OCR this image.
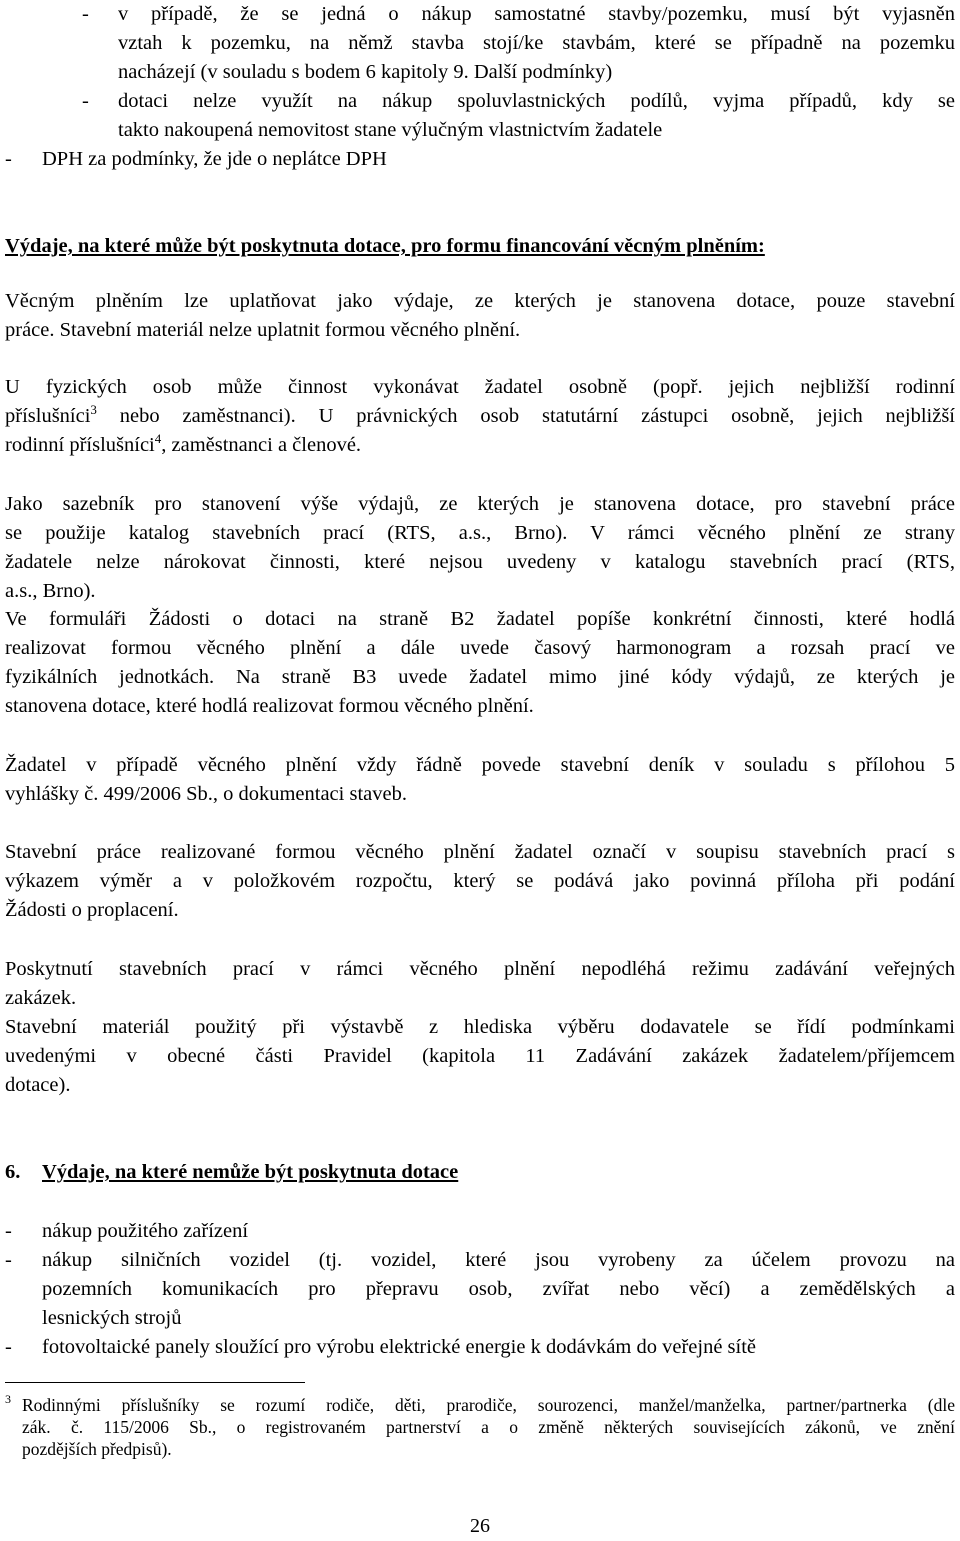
- v případě, že se jedná o nákup samostatné stavby/pozemku, musí být vyjasněn
vztah k pozemku, na němž stavba stojí/ke stavbám, které se případně na pozemku
nacházejí (v souladu s bodem 6 kapitoly 9. Další podmínky)
- dotaci nelze využít na nákup spoluvlastnických podílů, vyjma případů, kdy se
takto nakoupená nemovitost stane výlučným vlastnictvím žadatele
- DPH za podmínky, že jde o neplátce DPH
Výdaje, na které může být poskytnuta dotace, pro formu financování věcným plněním:
Věcným plněním lze uplatňovat jako výdaje, ze kterých je stanovena dotace, pouze stavební
práce. Stavební materiál nelze uplatnit formou věcného plnění.
U fyzických osob může činnost vykonávat žadatel osobně (popř. jejich nejbližší rodinní
příslušníci$^3$ nebo zaměstnanci). U právnických osob statutární zástupci osobně, jejich nejbližší
rodinní příslušníci$^4$, zaměstnanci a členové.
Jako sazebník pro stanovení výše výdajů, ze kterých je stanovena dotace, pro stavební práce
se použije katalog stavebních prací (RTS, a.s., Brno). V rámci věcného plnění ze strany
žadatele nelze nárokovat činnosti, které nejsou uvedeny v katalogu stavebních prací (RTS,
a.s., Brno).
Ve formuláři Žádosti o dotaci na straně B2 žadatel popíše konkrétní činnosti, které hodlá
realizovat formou věcného plnění a dále uvede časový harmonogram a rozsah prací ve
fyzikálních jednotkách. Na straně B3 uvede žadatel mimo jiné kódy výdajů, ze kterých je
stanovena dotace, které hodlá realizovat formou věcného plnění.
Žadatel v případě věcného plnění vždy řádně povede stavební deník v souladu s přílohou 5
vyhlášky č. 499/2006 Sb., o dokumentaci staveb.
Stavební práce realizované formou věcného plnění žadatel označí v soupisu stavebních prací s
výkazem výměr a v položkovém rozpočtu, který se podává jako povinná příloha při podání
Žádosti o proplacení.
Poskytnutí stavebních prací v rámci věcného plnění nepodléhá režimu zadávání veřejných
zakázek.
Stavební materiál použitý při výstavbě z hlediska výběru dodavatele se řídí podmínkami
uvedenými v obecné části Pravidel (kapitola 11 Zadávání zakázek žadatelem/příjemcem
dotace).
6. Výdaje, na které nemůže být poskytnuta dotace
- nákup použitého zařízení
- nákup silničních vozidel (tj. vozidel, které jsou vyrobeny za účelem provozu na
pozemních komunikacích pro přepravu osob, zvířat nebo věcí) a zemědělských a
lesnických strojů
- fotovoltaické panely sloužící pro výrobu elektrické energie k dodávkám do veřejné sítě
3 Rodinnými příslušníky se rozumí rodiče, děti, prarodiče, sourozenci, manžel/manželka, partner/partnerka (dle
zák. č. 115/2006 Sb., o registrovaném partnerství a o změně některých souvisejících zákonů, ve znění
pozdějších předpisů).
26
